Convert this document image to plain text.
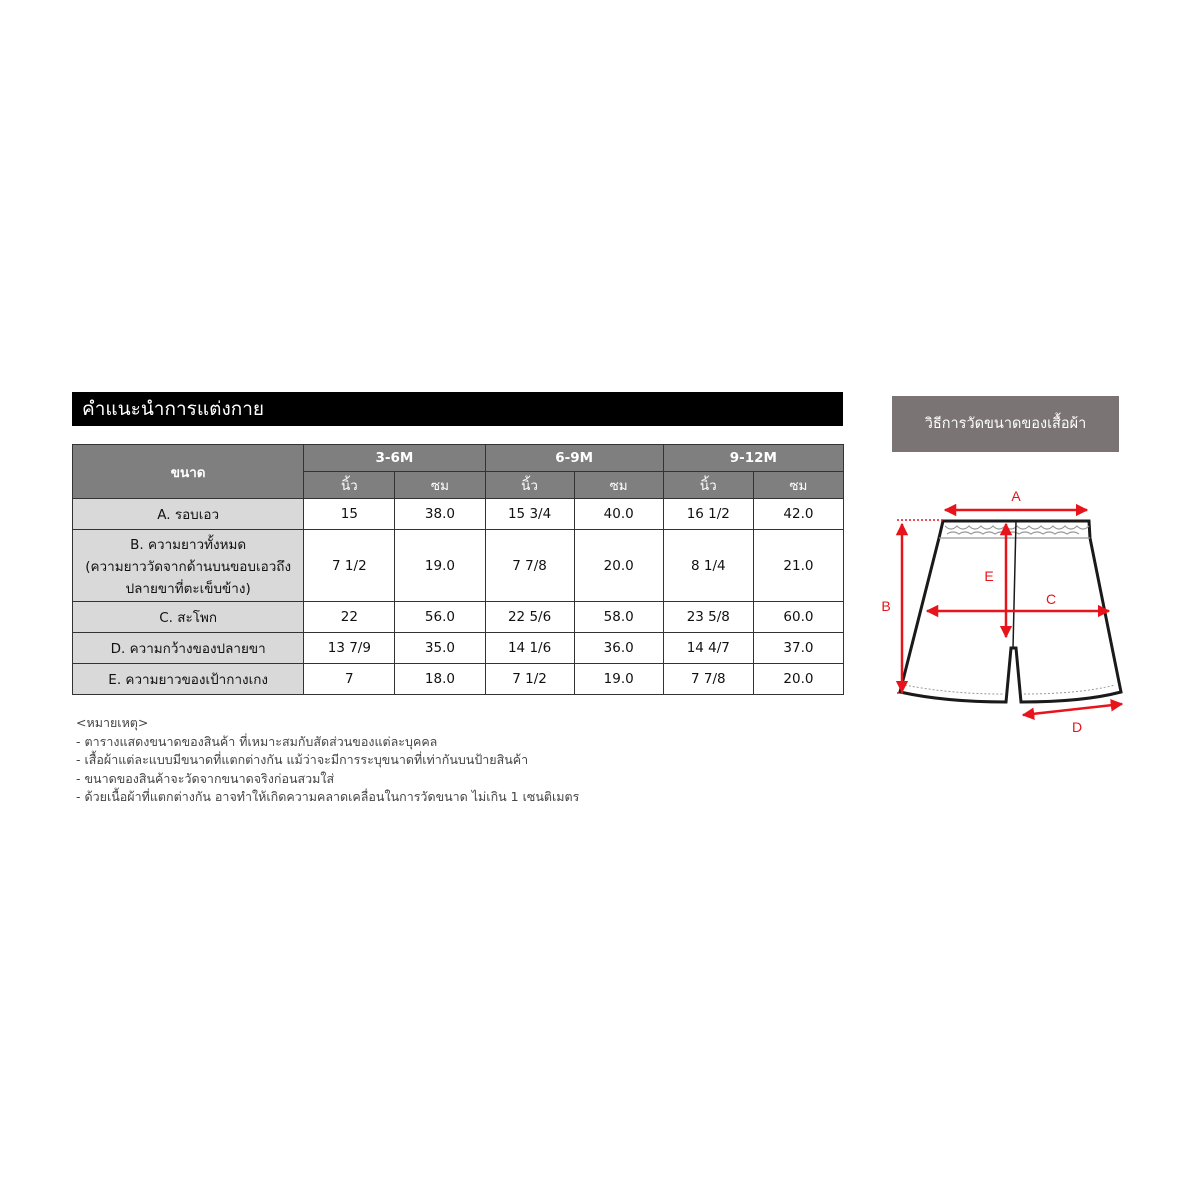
คำแนะนำการแต่งกาย
ขนาด	3-6M		6-9M		9-12M	
	นิ้ว	ซม	นิ้ว	ซม	นิ้ว	ซม
A. รอบเอว	15	38.0	15 3/4	40.0	16 1/2	42.0

B. ความยาวทั้งหมด
(ความยาววัดจากด้านบนขอบเอวถึง
ปลายขาที่ตะเข็บข้าง)	7 1/2	19.0	7 7/8	20.0	8 1/4	21.0
C. สะโพก	22	56.0	22 5/6	58.0	23 5/8	60.0
D. ความกว้างของปลายขา	13 7/9	35.0	14 1/6	36.0	14 4/7	37.0
E. ความยาวของเป้ากางเกง	7	18.0	7 1/2	19.0	7 7/8	20.0
<หมายเหตุ>
- ตารางแสดงขนาดของสินค้า ที่เหมาะสมกับสัดส่วนของแต่ละบุคคล
- เสื้อผ้าแต่ละแบบมีขนาดที่แตกต่างกัน แม้ว่าจะมีการระบุขนาดที่เท่ากันบนป้ายสินค้า
- ขนาดของสินค้าจะวัดจากขนาดจริงก่อนสวมใส่
- ด้วยเนื้อผ้าที่แตกต่างกัน อาจทำให้เกิดความคลาดเคลื่อนในการวัดขนาด ไม่เกิน 1 เซนติเมตร
วิธีการวัดขนาดของเสื้อผ้า
A
B	C
D
E
